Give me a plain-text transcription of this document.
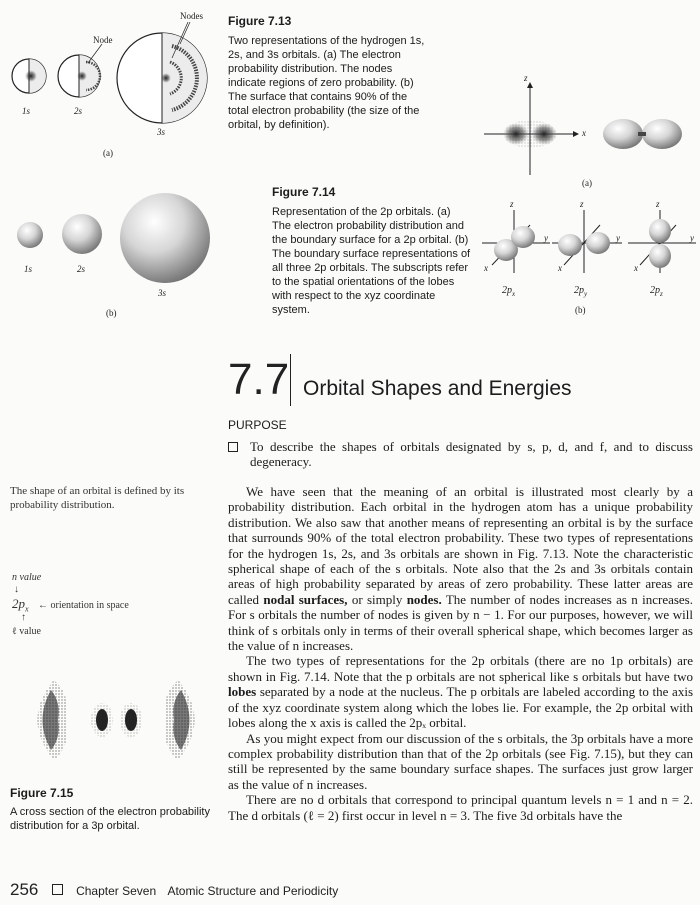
Nodes
Node
1s	2s
3s
(a)
Figure 7.13
Two representations of the hydrogen 1s, 2s, and 3s orbitals. (a) The electron probability distribution. The nodes indicate regions of zero probability. (b) The surface that contains 90% of the total electron probability (the size of the orbital, by definition).
z
x
(a)
1s	2s
3s
(b)
Figure 7.14
Representation of the 2p orbitals. (a) The electron probability distribution and the boundary surface for a 2p orbital. (b) The boundary surface representations of all three 2p orbitals. The subscripts refer to the spatial orientations of the lobes with respect to the xyz coordinate system.
z
y
x
z
y
x
z
y
x
$2p_x$	$2p_y$	$2p_z$
(b)
7.7 Orbital Shapes and Energies
PURPOSE

To describe the shapes of orbitals designated by s, p, d, and f, and to discuss degeneracy.

The shape of an orbital is defined by its probability distribution.
n value
↓
$2p_x$ ← orientation in space
↑
ℓ value
Figure 7.15
A cross section of the electron probability distribution for a 3p orbital.

We have seen that the meaning of an orbital is illustrated most clearly by a probability distribution. Each orbital in the hydrogen atom has a unique probability distribution. We also saw that another means of representing an orbital is by the surface that surrounds 90% of the total electron probability. These two types of representations for the hydrogen 1s, 2s, and 3s orbitals are shown in Fig. 7.13. Note the characteristic spherical shape of each of the s orbitals. Note also that the 2s and 3s orbitals contain areas of high probability separated by areas of zero probability. These latter areas are called nodal surfaces, or simply nodes. The number of nodes increases as n increases. For s orbitals the number of nodes is given by n − 1. For our purposes, however, we will think of s orbitals only in terms of their overall spherical shape, which becomes larger as the value of n increases.

The two types of representations for the 2p orbitals (there are no 1p orbitals) are shown in Fig. 7.14. Note that the p orbitals are not spherical like s orbitals but have two lobes separated by a node at the nucleus. The p orbitals are labeled according to the axis of the xyz coordinate system along which the lobes lie. For example, the 2p orbital with lobes along the x axis is called the 2pₓ orbital.

As you might expect from our discussion of the s orbitals, the 3p orbitals have a more complex probability distribution than that of the 2p orbitals (see Fig. 7.15), but they can still be represented by the same boundary surface shapes. The surfaces just grow larger as the value of n increases.

There are no d orbitals that correspond to principal quantum levels n = 1 and n = 2. The d orbitals (ℓ = 2) first occur in level n = 3. The five 3d orbitals have the

256	Chapter Seven Atomic Structure and Periodicity
